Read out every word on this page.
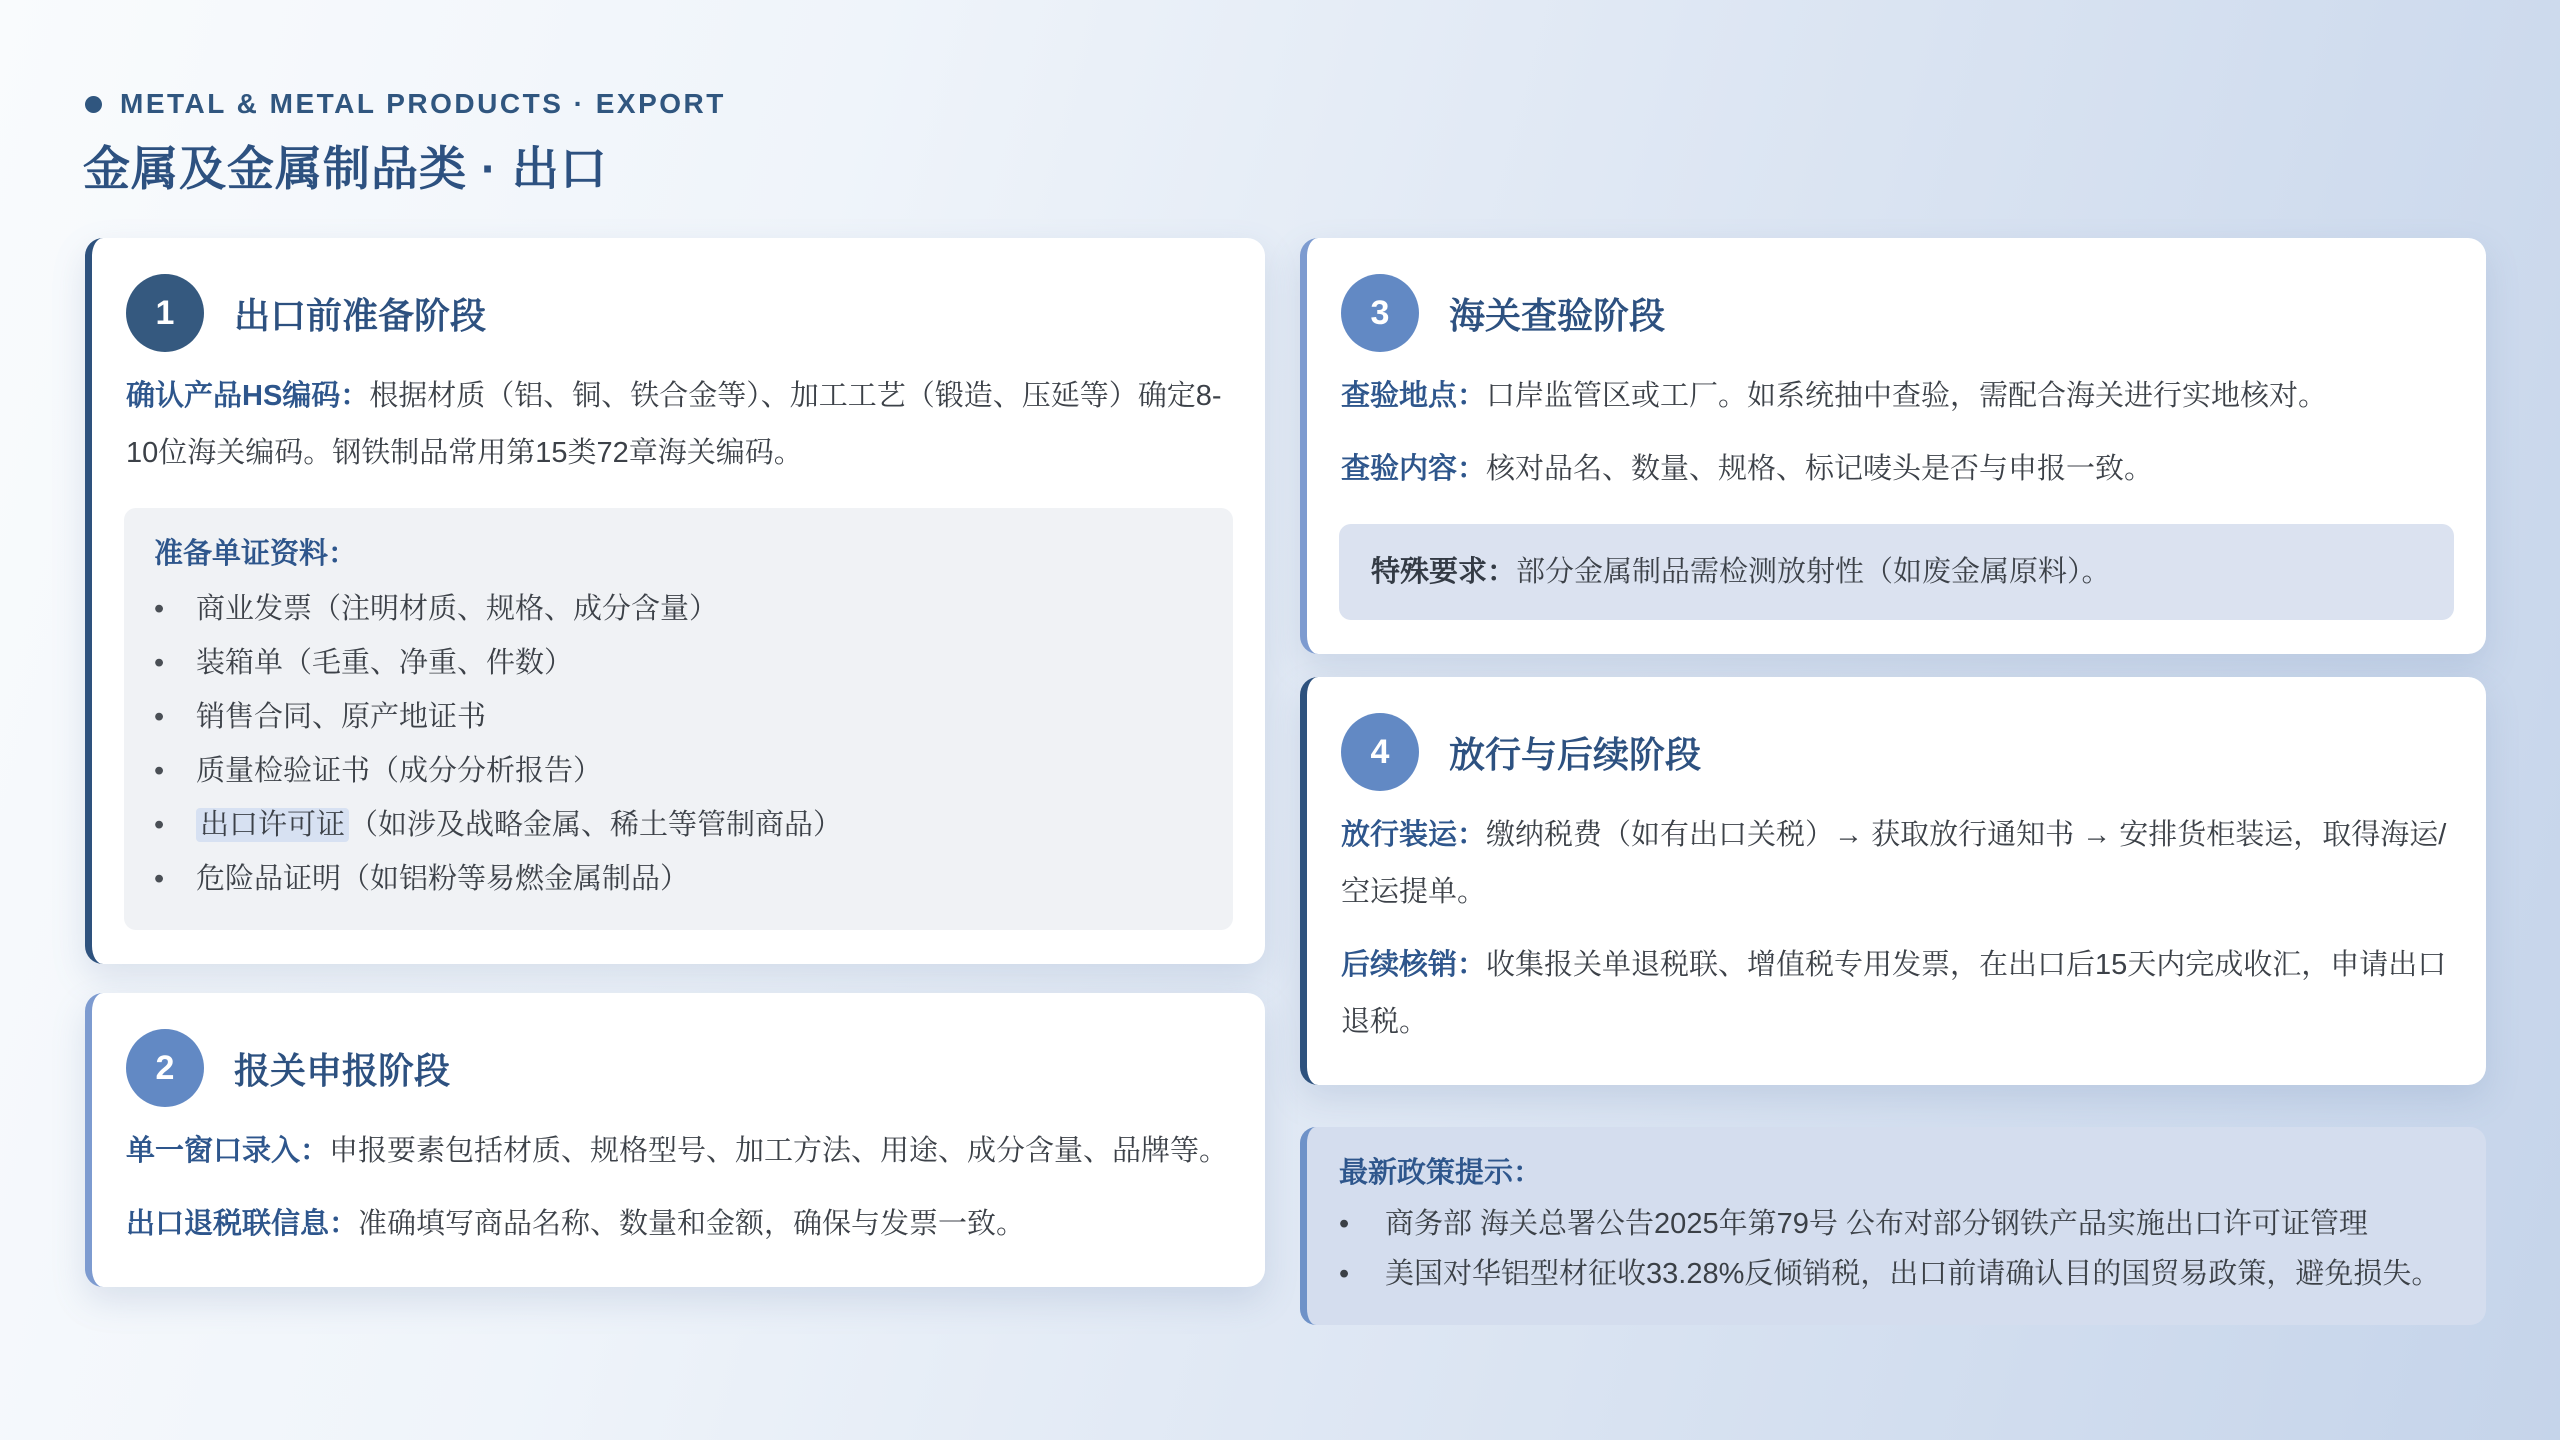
METAL & METAL PRODUCTS · EXPORT
金属及金属制品类 · 出口
1	出口前准备阶段
确认产品HS编码：根据材质（铝、铜、铁合金等）、加工工艺（锻造、压延等）确定8-10位海关编码。钢铁制品常用第15类72章海关编码。
准备单证资料：
•
商业发票（注明材质、规格、成分含量）
•
装箱单（毛重、净重、件数）
•
销售合同、原产地证书
•
质量检验证书（成分分析报告）
•
出口许可证 （如涉及战略金属、稀土等管制商品）
•
危险品证明（如铝粉等易燃金属制品）
2	报关申报阶段
单一窗口录入：申报要素包括材质、规格型号、加工方法、用途、成分含量、品牌等。
出口退税联信息：准确填写商品名称、数量和金额，确保与发票一致。
3	海关查验阶段
查验地点：口岸监管区或工厂。如系统抽中查验，需配合海关进行实地核对。
查验内容：核对品名、数量、规格、标记唛头是否与申报一致。
特殊要求：部分金属制品需检测放射性（如废金属原料）。
4	放行与后续阶段
放行装运：缴纳税费（如有出口关税）→ 获取放行通知书 → 安排货柜装运，取得海运/空运提单。
后续核销：收集报关单退税联、增值税专用发票，在出口后15天内完成收汇，申请出口退税。
最新政策提示：
•
商务部 海关总署公告2025年第79号 公布对部分钢铁产品实施出口许可证管理
•
美国对华铝型材征收33.28%反倾销税，出口前请确认目的国贸易政策，避免损失。
